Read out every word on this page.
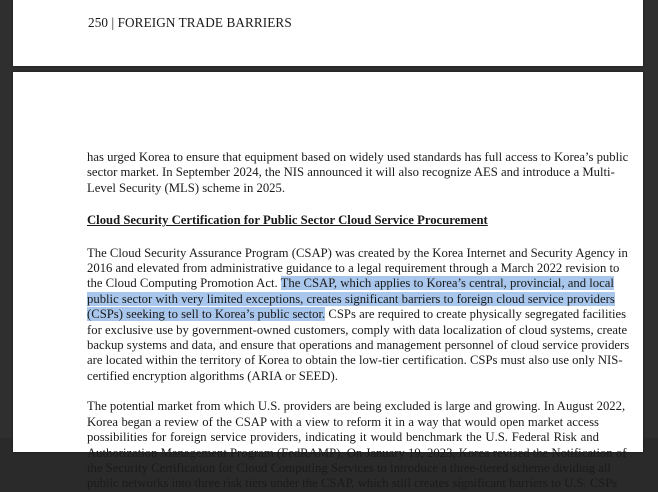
250 | FOREIGN TRADE BARRIERS

has urged Korea to ensure that equipment based on widely used standards has full access to Korea’s public
sector market. In September 2024, the NIS announced it will also recognize AES and introduce a Multi-
Level Security (MLS) scheme in 2025.

Cloud Security Certification for Public Sector Cloud Service Procurement

The Cloud Security Assurance Program (CSAP) was created by the Korea Internet and Security Agency in
2016 and elevated from administrative guidance to a legal requirement through a March 2022 revision to
the Cloud Computing Promotion Act. The CSAP, which applies to Korea’s central, provincial, and local
public sector with very limited exceptions, creates significant barriers to foreign cloud service providers
(CSPs) seeking to sell to Korea’s public sector. CSPs are required to create physically segregated facilities
for exclusive use by government-owned customers, comply with data localization of cloud systems, create
backup systems and data, and ensure that operations and management personnel of cloud service providers
are located within the territory of Korea to obtain the low-tier certification. CSPs must also use only NIS-
certified encryption algorithms (ARIA or SEED).

The potential market from which U.S. providers are being excluded is large and growing. In August 2022,
Korea began a review of the CSAP with a view to reform it in a way that would open market access
possibilities for foreign service providers, indicating it would benchmark the U.S. Federal Risk and
Authorization Management Program (FedRAMP). On January 19, 2023, Korea revised the Notification of
the Security Certification for Cloud Computing Services to introduce a three-tiered scheme dividing all
public networks into three risk tiers under the CSAP, which still creates significant barriers to U.S. CSPs
